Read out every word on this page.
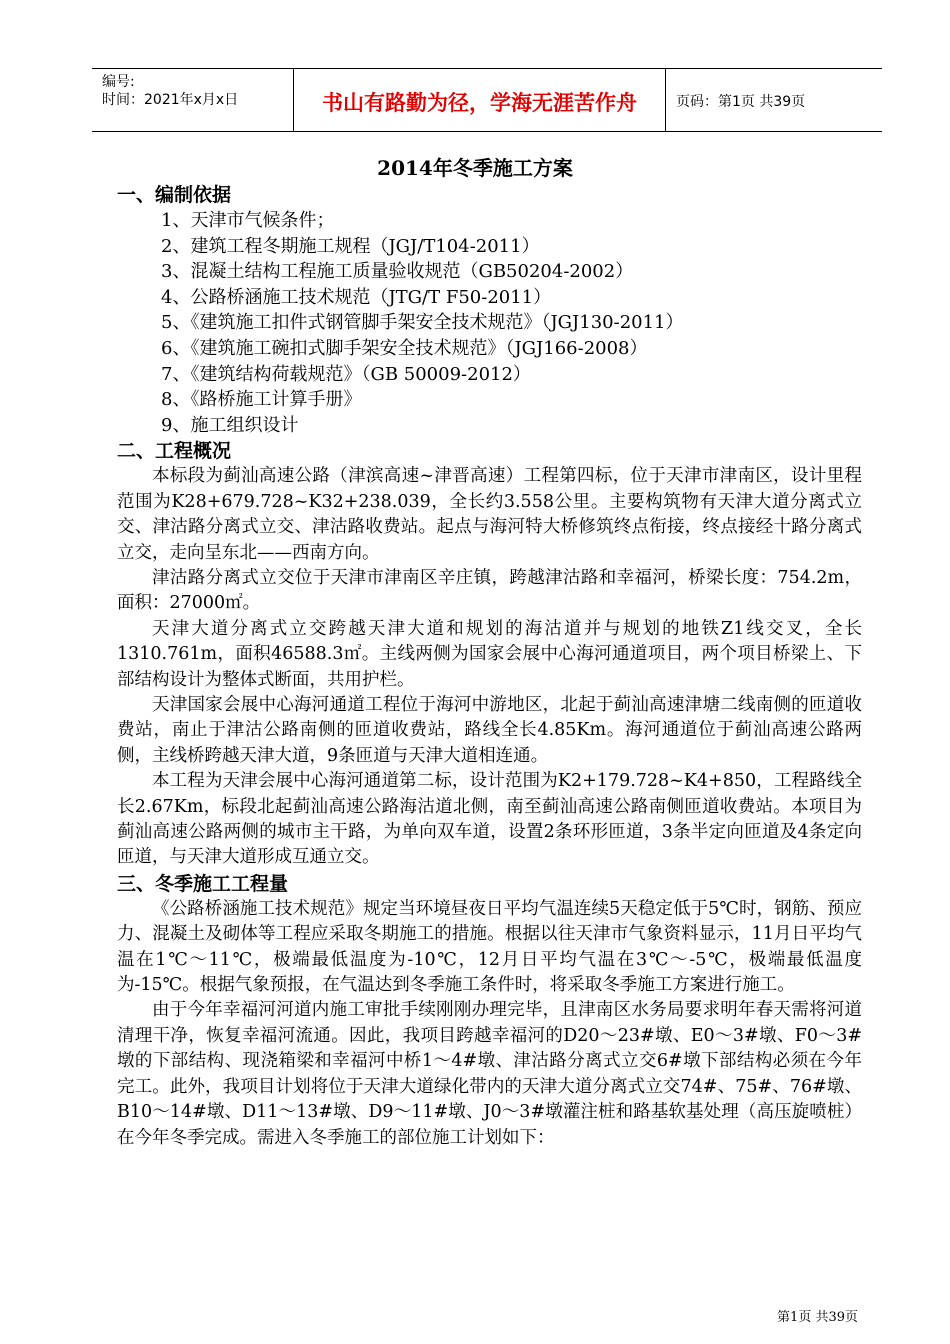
编号:
时间：2021年x月x日	书山有路勤为径，学海无涯苦作舟	页码：第1页 共39页
2014年冬季施工方案
一、编制依据
1、天津市气候条件；
2、建筑工程冬期施工规程（JGJ/T104-2011）
3、混凝土结构工程施工质量验收规范（GB50204-2002）
4、公路桥涵施工技术规范（JTG/T F50-2011）
5、《建筑施工扣件式钢管脚手架安全技术规范》（JGJ130-2011）
6、《建筑施工碗扣式脚手架安全技术规范》（JGJ166-2008）
7、《建筑结构荷载规范》（GB 50009-2012）
8、《路桥施工计算手册》
9、施工组织设计
二、工程概况

本标段为蓟汕高速公路（津滨高速~津晋高速）工程第四标，位于天津市津南区，设计里程范围为K28+679.728~K32+238.039，全长约3.558公里。主要构筑物有天津大道分离式立交、津沽路分离式立交、津沽路收费站。起点与海河特大桥修筑终点衔接，终点接经十路分离式立交，走向呈东北——西南方向。

津沽路分离式立交位于天津市津南区辛庄镇，跨越津沽路和幸福河，桥梁长度：754.2m，面积：27000㎡。

天津大道分离式立交跨越天津大道和规划的海沽道并与规划的地铁Z1线交叉，全长1310.761m，面积46588.3㎡。主线两侧为国家会展中心海河通道项目，两个项目桥梁上、下部结构设计为整体式断面，共用护栏。

天津国家会展中心海河通道工程位于海河中游地区，北起于蓟汕高速津塘二线南侧的匝道收费站，南止于津沽公路南侧的匝道收费站，路线全长4.85Km。海河通道位于蓟汕高速公路两侧，主线桥跨越天津大道，9条匝道与天津大道相连通。

本工程为天津会展中心海河通道第二标，设计范围为K2+179.728~K4+850，工程路线全长2.67Km，标段北起蓟汕高速公路海沽道北侧，南至蓟汕高速公路南侧匝道收费站。本项目为蓟汕高速公路两侧的城市主干路，为单向双车道，设置2条环形匝道，3条半定向匝道及4条定向匝道，与天津大道形成互通立交。

三、冬季施工工程量

《公路桥涵施工技术规范》规定当环境昼夜日平均气温连续5天稳定低于5℃时，钢筋、预应力、混凝土及砌体等工程应采取冬期施工的措施。根据以往天津市气象资料显示，11月日平均气温在1℃～11℃，极端最低温度为-10℃，12月日平均气温在3℃～-5℃，极端最低温度为-15℃。根据气象预报，在气温达到冬季施工条件时，将采取冬季施工方案进行施工。

由于今年幸福河河道内施工审批手续刚刚办理完毕，且津南区水务局要求明年春天需将河道清理干净，恢复幸福河流通。因此，我项目跨越幸福河的D20～23#墩、E0～3#墩、F0～3#墩的下部结构、现浇箱梁和幸福河中桥1～4#墩、津沽路分离式立交6#墩下部结构必须在今年完工。此外，我项目计划将位于天津大道绿化带内的天津大道分离式立交74#、75#、76#墩、B10～14#墩、D11～13#墩、D9～11#墩、J0～3#墩灌注桩和路基软基处理（高压旋喷桩）在今年冬季完成。需进入冬季施工的部位施工计划如下：

第1页 共39页
